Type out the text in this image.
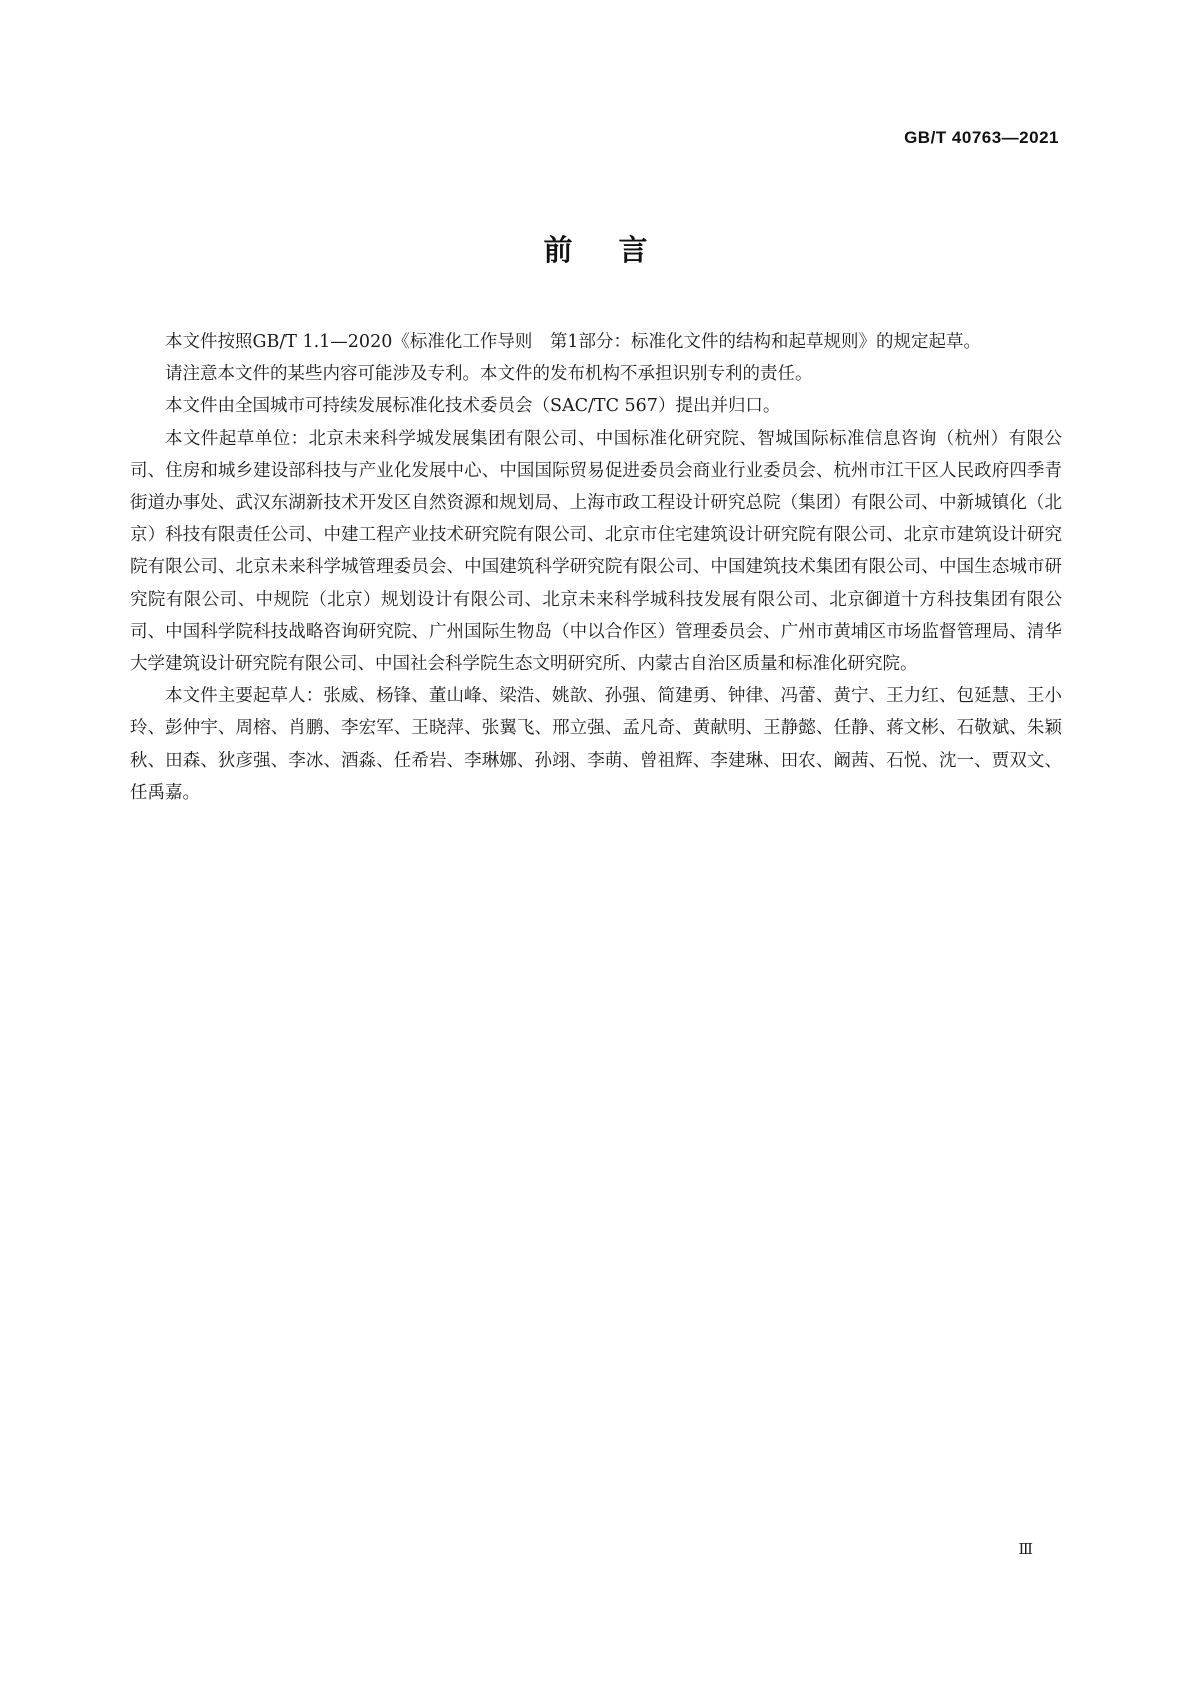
GB/T 40763—2021
前言

本文件按照GB/T 1.1—2020《标准化工作导则　第1部分：标准化文件的结构和起草规则》的规定起草。

请注意本文件的某些内容可能涉及专利。本文件的发布机构不承担识别专利的责任。

本文件由全国城市可持续发展标准化技术委员会（SAC/TC 567）提出并归口。

本文件起草单位：北京未来科学城发展集团有限公司、中国标准化研究院、智城国际标准信息咨询（杭州）有限公司、住房和城乡建设部科技与产业化发展中心、中国国际贸易促进委员会商业行业委员会、杭州市江干区人民政府四季青街道办事处、武汉东湖新技术开发区自然资源和规划局、上海市政工程设计研究总院（集团）有限公司、中新城镇化（北京）科技有限责任公司、中建工程产业技术研究院有限公司、北京市住宅建筑设计研究院有限公司、北京市建筑设计研究院有限公司、北京未来科学城管理委员会、中国建筑科学研究院有限公司、中国建筑技术集团有限公司、中国生态城市研究院有限公司、中规院（北京）规划设计有限公司、北京未来科学城科技发展有限公司、北京御道十方科技集团有限公司、中国科学院科技战略咨询研究院、广州国际生物岛（中以合作区）管理委员会、广州市黄埔区市场监督管理局、清华大学建筑设计研究院有限公司、中国社会科学院生态文明研究所、内蒙古自治区质量和标准化研究院。

本文件主要起草人：张威、杨锋、董山峰、梁浩、姚歆、孙强、简建勇、钟律、冯蕾、黄宁、王力红、包延慧、王小玲、彭仲宇、周榕、肖鹏、李宏军、王晓萍、张翼飞、邢立强、孟凡奇、黄献明、王静懿、任静、蒋文彬、石敬斌、朱颖秋、田森、狄彦强、李冰、酒淼、任希岩、李琳娜、孙翊、李萌、曾祖辉、李建琳、田农、阚茜、石悦、沈一、贾双文、任禹嘉。

Ⅲ
